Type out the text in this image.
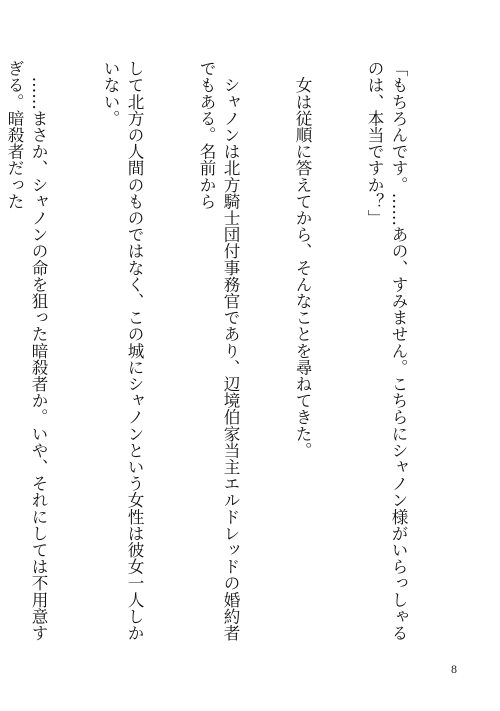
「もちろんです。……あの、すみません。こちらにシャノン様がいらっしゃるのは、本当ですか？」

　女は従順に答えてから、そんなことを尋ねてきた。

　シャノンは北方騎士団付事務官であり、辺境伯家当主エルドレッドの婚約者でもある。名前から

して北方の人間のものではなく、この城にシャノンという女性は彼女一人しかいない。

　……まさか、シャノンの命を狙った暗殺者か。いや、それにしては不用意すぎる。暗殺者だった

8
